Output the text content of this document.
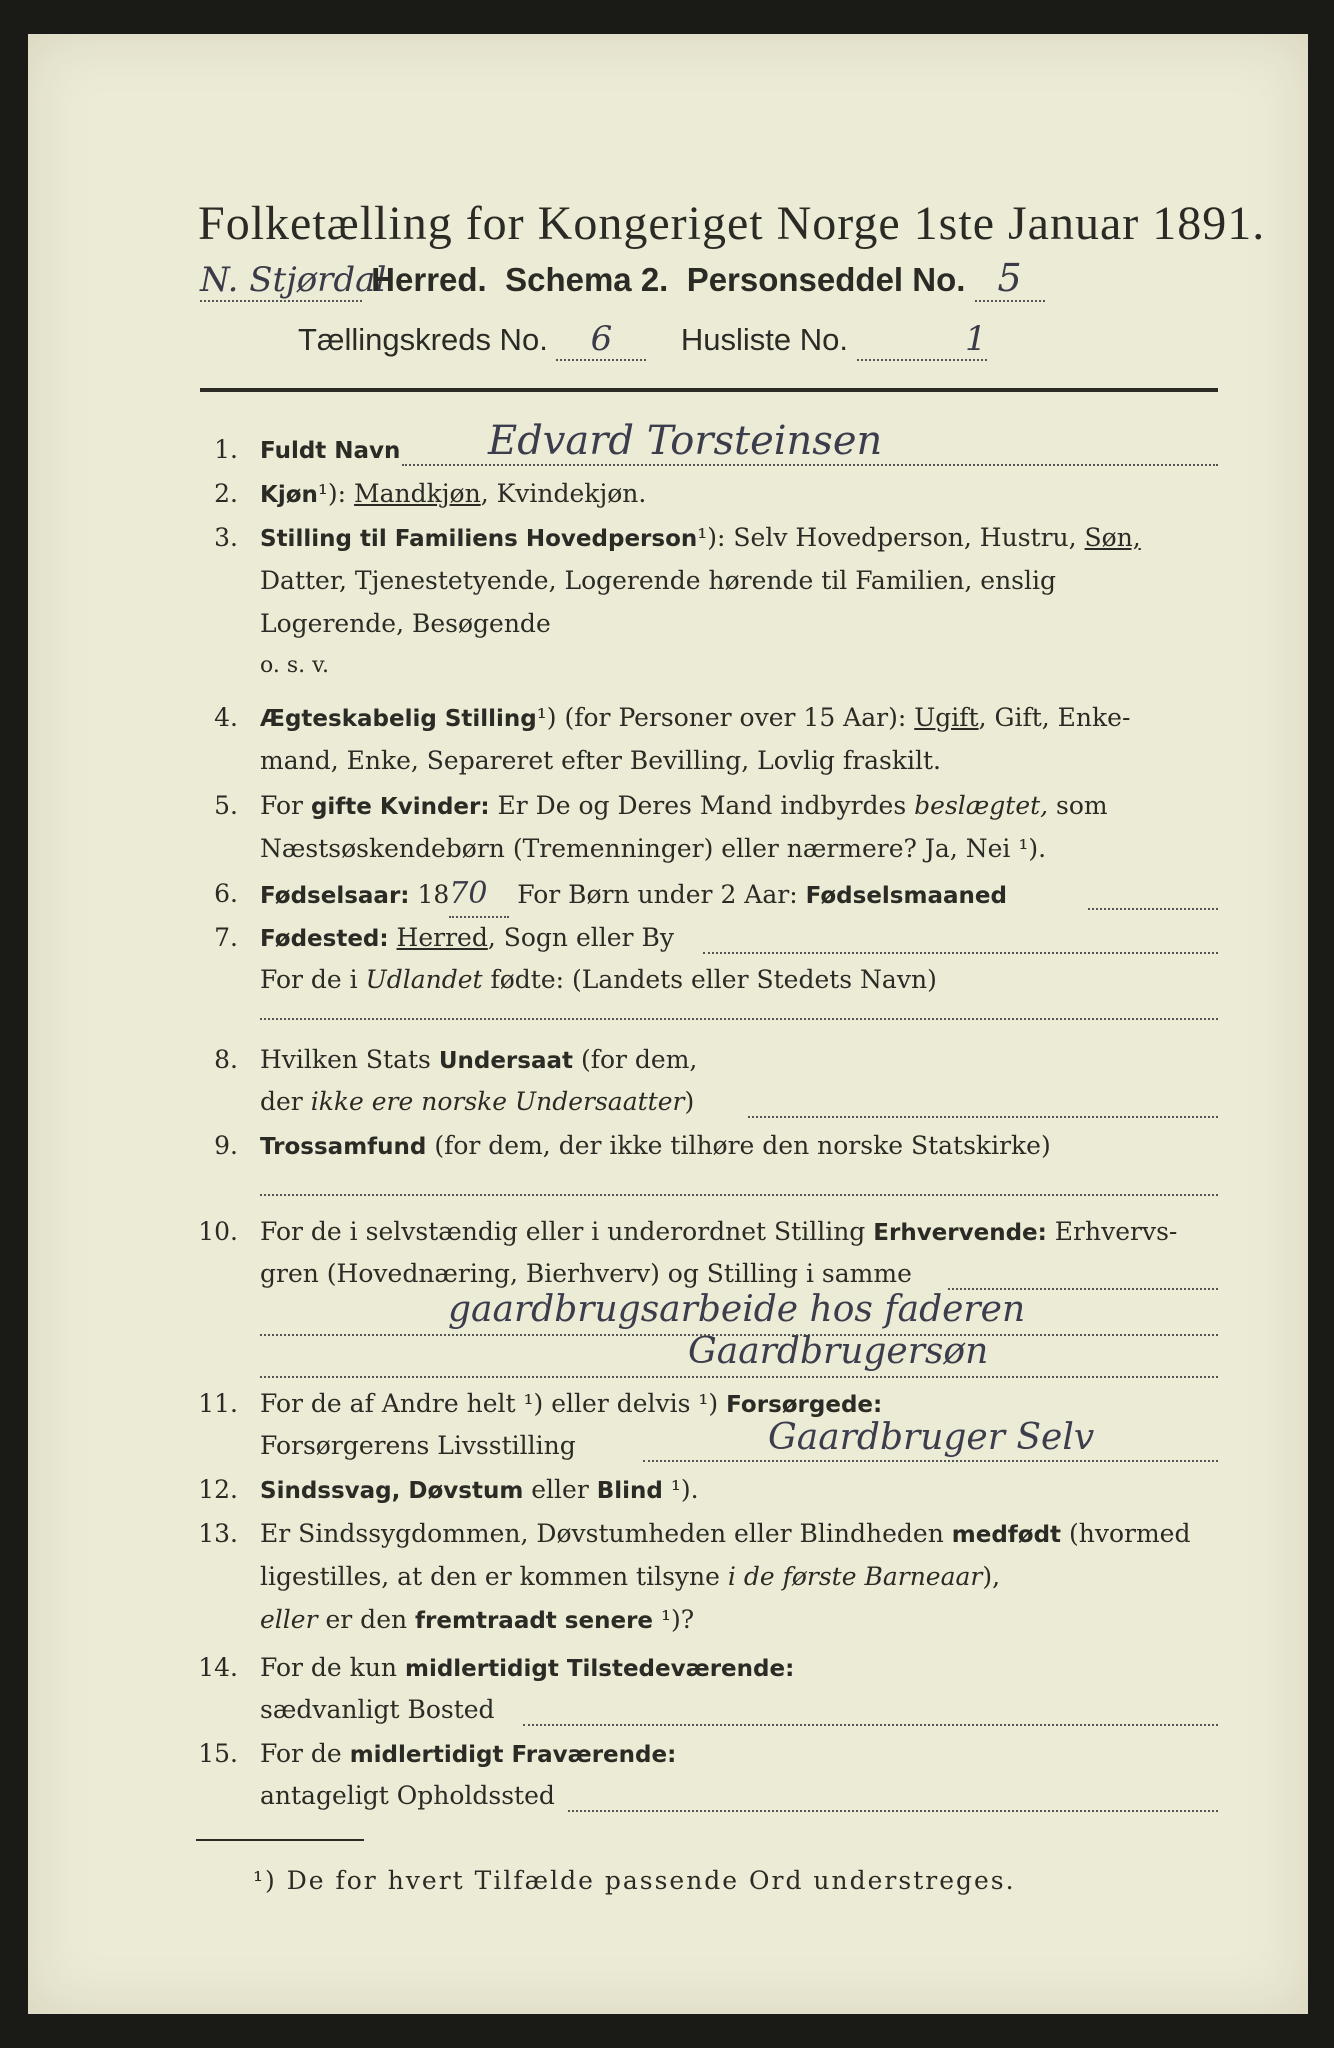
Folketælling for Kongeriget Norge 1ste Januar 1891.
N. Stjørdal Herred. Schema 2. Personseddel No. 5
Tællingskreds No. 6 Husliste No.	1
1. Fuldt Navn Edvard Torsteinsen
2. Kjøn¹): Mandkjøn, Kvindekjøn.
3. Stilling til Familiens Hovedperson¹): Selv Hovedperson, Hustru, Søn,
Datter, Tjenestetyende, Logerende hørende til Familien, enslig
Logerende, Besøgende
o. s. v.
4. Ægteskabelig Stilling¹) (for Personer over 15 Aar): Ugift, Gift, Enke-
mand, Enke, Separeret efter Bevilling, Lovlig fraskilt.
5. For gifte Kvinder: Er De og Deres Mand indbyrdes beslægtet, som
Næstsøskendebørn (Tremenninger) eller nærmere? Ja, Nei ¹).
6. Fødselsaar: 1870 For Børn under 2 Aar: Fødselsmaaned
7. Fødested: Herred, Sogn eller By
For de i Udlandet fødte: (Landets eller Stedets Navn)
8. Hvilken Stats Undersaat (for dem,
der ikke ere norske Undersaatter)
9. Trossamfund (for dem, der ikke tilhøre den norske Statskirke)
10. For de i selvstændig eller i underordnet Stilling Erhvervende: Erhvervs-
gren (Hovednæring, Bierhverv) og Stilling i samme
gaardbrugsarbeide hos faderen
Gaardbrugersøn
11. For de af Andre helt ¹) eller delvis ¹) Forsørgede:
Forsørgerens Livsstilling	Gaardbruger Selv
12. Sindssvag, Døvstum eller Blind ¹).
13. Er Sindssygdommen, Døvstumheden eller Blindheden medfødt (hvormed
ligestilles, at den er kommen tilsyne i de første Barneaar),
eller er den fremtraadt senere ¹)?
14. For de kun midlertidigt Tilstedeværende:
sædvanligt Bosted
15. For de midlertidigt Fraværende:
antageligt Opholdssted
¹) De for hvert Tilfælde passende Ord understreges.
